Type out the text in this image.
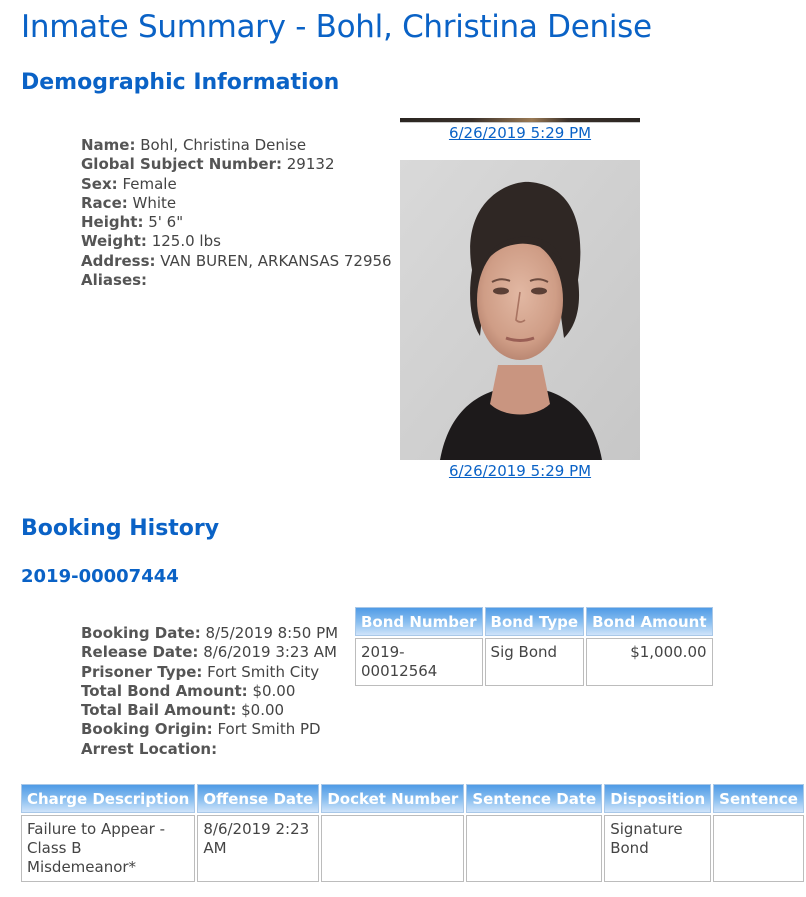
Inmate Summary - Bohl, Christina Denise
Demographic Information
Name: Bohl, Christina Denise
Global Subject Number: 29132
Sex: Female
Race: White
Height: 5' 6"
Weight: 125.0 lbs
Address: VAN BUREN, ARKANSAS 72956
Aliases:
6/26/2019 5:29 PM
6/26/2019 5:29 PM
Booking History
2019-00007444
Booking Date: 8/5/2019 8:50 PM
Release Date: 8/6/2019 3:23 AM
Prisoner Type: Fort Smith City
Total Bond Amount: $0.00
Total Bail Amount: $0.00
Booking Origin: Fort Smith PD
Arrest Location:
Bond Number	Bond Type	Bond Amount
2019-00012564	Sig Bond	$1,000.00
Charge Description	Offense Date	Docket Number	Sentence Date	Disposition	Sentence
Failure to Appear - Class B Misdemeanor*	8/6/2019 2:23 AM			Signature Bond	
